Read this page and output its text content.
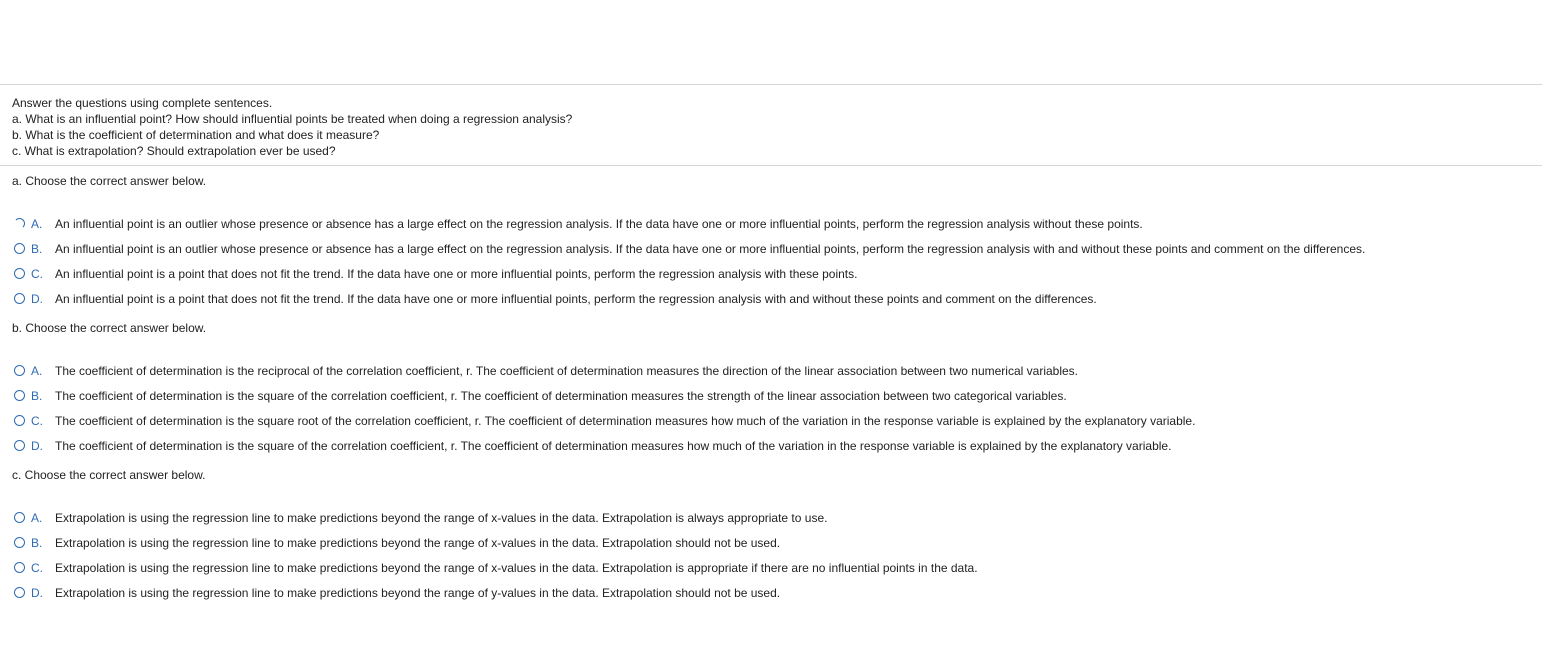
Answer the questions using complete sentences.
a. What is an influential point? How should influential points be treated when doing a regression analysis?
b. What is the coefficient of determination and what does it measure?
c. What is extrapolation? Should extrapolation ever be used?
a. Choose the correct answer below.
A.	An influential point is an outlier whose presence or absence has a large effect on the regression analysis. If the data have one or more influential points, perform the regression analysis without these points.
B.	An influential point is an outlier whose presence or absence has a large effect on the regression analysis. If the data have one or more influential points, perform the regression analysis with and without these points and comment on the differences.
C.	An influential point is a point that does not fit the trend. If the data have one or more influential points, perform the regression analysis with these points.
D.	An influential point is a point that does not fit the trend. If the data have one or more influential points, perform the regression analysis with and without these points and comment on the differences.
b. Choose the correct answer below.
A.	The coefficient of determination is the reciprocal of the correlation coefficient, r. The coefficient of determination measures the direction of the linear association between two numerical variables.
B.	The coefficient of determination is the square of the correlation coefficient, r. The coefficient of determination measures the strength of the linear association between two categorical variables.
C.	The coefficient of determination is the square root of the correlation coefficient, r. The coefficient of determination measures how much of the variation in the response variable is explained by the explanatory variable.
D.	The coefficient of determination is the square of the correlation coefficient, r. The coefficient of determination measures how much of the variation in the response variable is explained by the explanatory variable.
c. Choose the correct answer below.
A.	Extrapolation is using the regression line to make predictions beyond the range of x-values in the data. Extrapolation is always appropriate to use.
B.	Extrapolation is using the regression line to make predictions beyond the range of x-values in the data. Extrapolation should not be used.
C.	Extrapolation is using the regression line to make predictions beyond the range of x-values in the data. Extrapolation is appropriate if there are no influential points in the data.
D.	Extrapolation is using the regression line to make predictions beyond the range of y-values in the data. Extrapolation should not be used.
